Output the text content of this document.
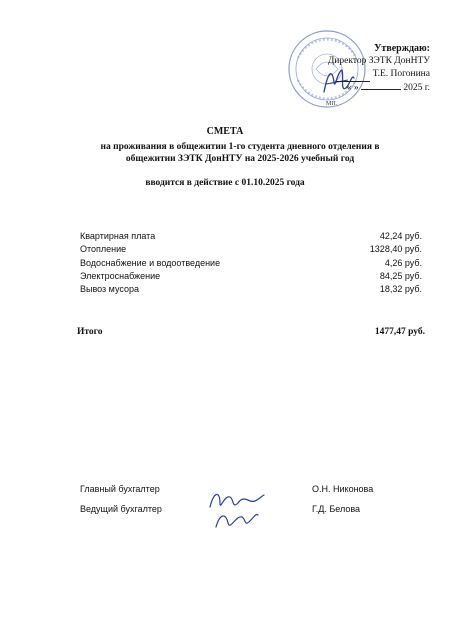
Утверждаю:
Директор ЗЭТК ДонНТУ
Т.Е. Погонина
« »	2025 г.
МП.
СМЕТА
на проживания в общежитии 1-го студента дневного отделения в общежитии ЗЭТК ДонНТУ на 2025-2026 учебный год
вводится в действие с 01.10.2025 года
Квартирная плата	42,24 руб.
Отопление	1328,40 руб.
Водоснабжение и водоотведение	4,26 руб.
Электроснабжение	84,25 руб.
Вывоз мусора	18,32 руб.
Итого	1477,47 руб.
Главный бухгалтер	О.Н. Никонова
Ведущий бухгалтер	Г.Д. Белова
